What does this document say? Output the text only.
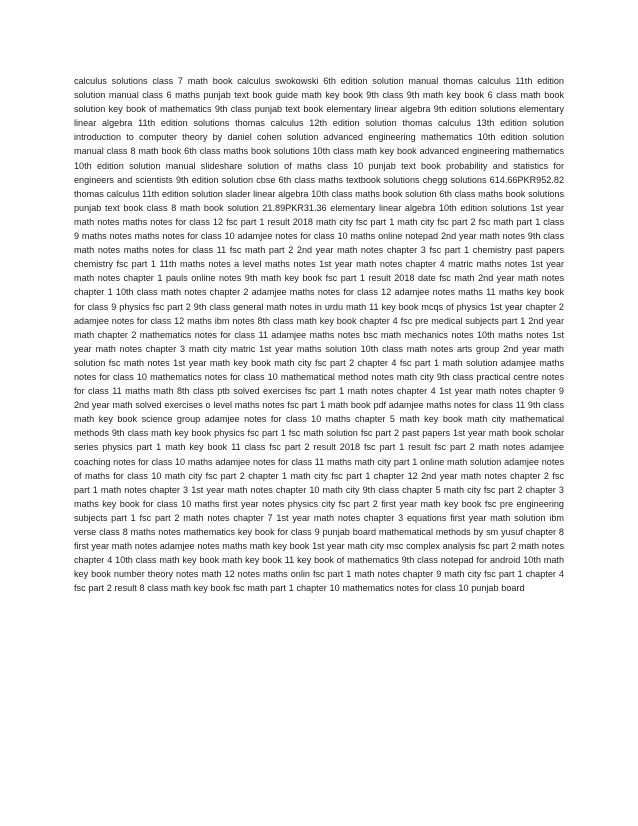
calculus solutions class 7 math book calculus swokowski 6th edition solution manual thomas calculus 11th edition solution manual class 6 maths punjab text book guide math key book 9th class 9th math key book 6 class math book solution key book of mathematics 9th class punjab text book elementary linear algebra 9th edition solutions elementary linear algebra 11th edition solutions thomas calculus 12th edition solution thomas calculus 13th edition solution introduction to computer theory by daniel cohen solution advanced engineering mathematics 10th edition solution manual class 8 math book 6th class maths book solutions 10th class math key book advanced engineering mathematics 10th edition solution manual slideshare solution of maths class 10 punjab text book probability and statistics for engineers and scientists 9th edition solution cbse 6th class maths textbook solutions chegg solutions 614.66PKR952.82 thomas calculus 11th edition solution slader linear algebra 10th class maths book solution 6th class maths book solutions punjab text book class 8 math book solution 21.89PKR31.36 elementary linear algebra 10th edition solutions 1st year math notes maths notes for class 12 fsc part 1 result 2018 math city fsc part 1 math city fsc part 2 fsc math part 1 class 9 maths notes maths notes for class 10 adamjee notes for class 10 maths online notepad 2nd year math notes 9th class math notes maths notes for class 11 fsc math part 2 2nd year math notes chapter 3 fsc part 1 chemistry past papers chemistry fsc part 1 11th maths notes a level maths notes 1st year math notes chapter 4 matric maths notes 1st year math notes chapter 1 pauls online notes 9th math key book fsc part 1 result 2018 date fsc math 2nd year math notes chapter 1 10th class math notes chapter 2 adamjee maths notes for class 12 adamjee notes maths 11 maths key book for class 9 physics fsc part 2 9th class general math notes in urdu math 11 key book mcqs of physics 1st year chapter 2 adamjee notes for class 12 maths ibm notes 8th class math key book chapter 4 fsc pre medical subjects part 1 2nd year math chapter 2 mathematics notes for class 11 adamjee maths notes bsc math mechanics notes 10th maths notes 1st year math notes chapter 3 math city matric 1st year maths solution 10th class math notes arts group 2nd year math solution fsc math notes 1st year math key book math city fsc part 2 chapter 4 fsc part 1 math solution adamjee maths notes for class 10 mathematics notes for class 10 mathematical method notes math city 9th class practical centre notes for class 11 maths math 8th class ptb solved exercises fsc part 1 math notes chapter 4 1st year math notes chapter 9 2nd year math solved exercises o level maths notes fsc part 1 math book pdf adamjee maths notes for class 11 9th class math key book science group adamjee notes for class 10 maths chapter 5 math key book math city mathematical methods 9th class math key book physics fsc part 1 fsc math solution fsc part 2 past papers 1st year math book scholar series physics part 1 math key book 11 class fsc part 2 result 2018 fsc part 1 result fsc part 2 math notes adamjee coaching notes for class 10 maths adamjee notes for class 11 maths math city part 1 online math solution adamjee notes of maths for class 10 math city fsc part 2 chapter 1 math city fsc part 1 chapter 12 2nd year math notes chapter 2 fsc part 1 math notes chapter 3 1st year math notes chapter 10 math city 9th class chapter 5 math city fsc part 2 chapter 3 maths key book for class 10 maths first year notes physics city fsc part 2 first year math key book fsc pre engineering subjects part 1 fsc part 2 math notes chapter 7 1st year math notes chapter 3 equations first year math solution ibm verse class 8 maths notes mathematics key book for class 9 punjab board mathematical methods by sm yusuf chapter 8 first year math notes adamjee notes maths math key book 1st year math city msc complex analysis fsc part 2 math notes chapter 4 10th class math key book math key book 11 key book of mathematics 9th class notepad for android 10th math key book number theory notes math 12 notes maths onlin fsc part 1 math notes chapter 9 math city fsc part 1 chapter 4 fsc part 2 result 8 class math key book fsc math part 1 chapter 10 mathematics notes for class 10 punjab board
